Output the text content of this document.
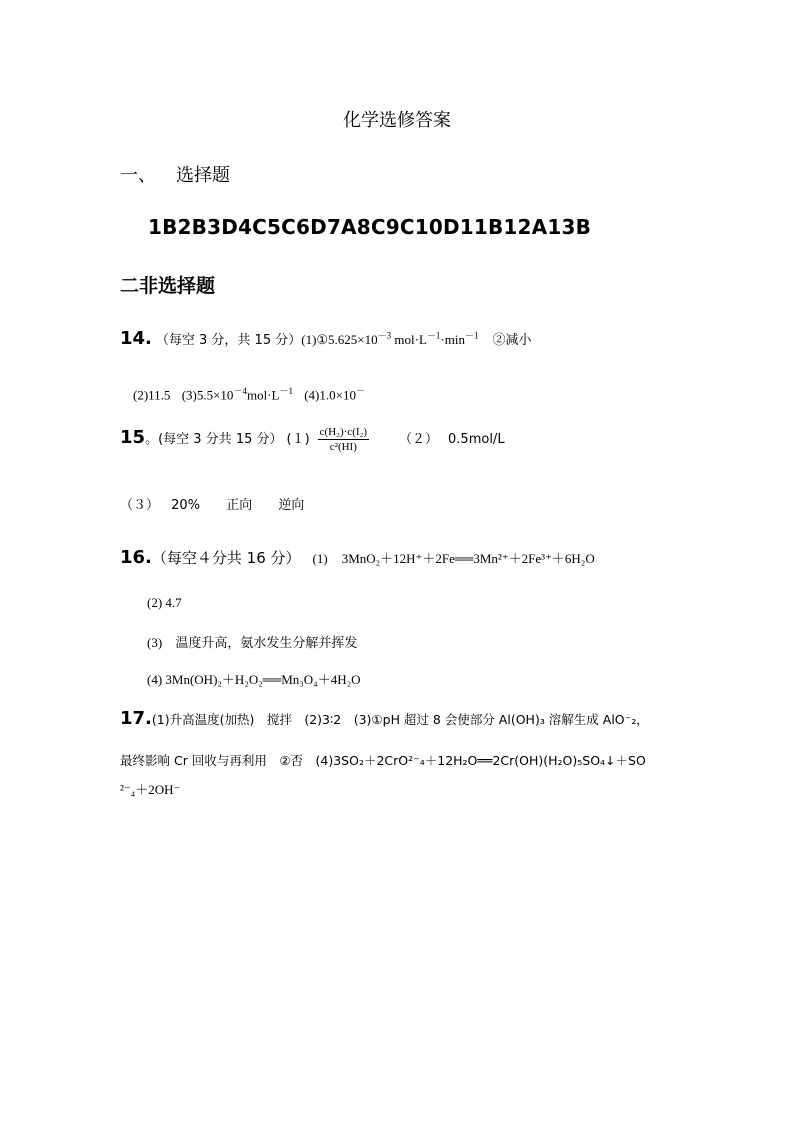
化学选修答案
一、 选择题
1B2B3D4C5C6D7A8C9C10D11B12A13B
二非选择题
14. （每空 3 分，共 15 分）$(1)①5.625\times 10^{-3}$ $mol\cdot L^{-1}\cdot\min^{-1}$ ②减小
(2)11.5 $(3)5.5\times 10^{-4}mol\cdot L^{-1}$ (4)1.0×10－
15。(每空 3 分共 15 分） $(1) \frac{\text{c(H₂)·c(I₂)}}{\text{c²(HI)}} (2)$ 0.5mol/L
（３） 20% 正向 逆向
16.（每空４分共 16 分） (1) 3MnO₂＋12H⁺＋2Fe══3Mn²⁺＋2Fe³⁺＋6H₂O
(2) 4.7
(3) 温度升高，氨水发生分解并挥发
(4) 3Mn(OH)₂＋H₂O₂══Mn₃O₄＋4H₂O
17.(1)升高温度(加热)　搅拌　(2)3∶2　(3)①pH 超过 8 会使部分 Al(OH)₃ 溶解生成 AlO⁻₂，
最终影响 Cr 回收与再利用　②否　(4)3SO₂＋2CrO²⁻₄＋12H₂O══2Cr(OH)(H₂O)₅SO₄↓＋SO
²⁻₄＋2OH⁻
